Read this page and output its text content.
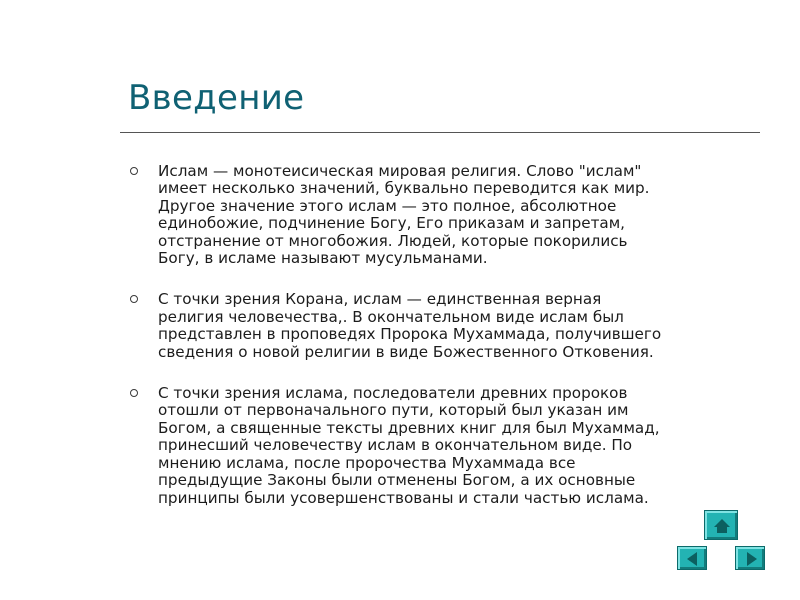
Введение
Ислам — монотеисическая мировая религия. Слово "ислам"
имеет несколько значений, буквально переводится как мир.
Другое значение этого ислам — это полное, абсолютное
единобожие, подчинение Богу, Его приказам и запретам,
отстранение от многобожия. Людей, которые покорились
Богу, в исламе называют мусульманами.
С точки зрения Корана, ислам — единственная верная
религия человечества,. В окончательном виде ислам был
представлен в проповедях Пророка Мухаммада, получившего
сведения о новой религии в виде Божественного Отковения.
С точки зрения ислама, последователи древних пророков
отошли от первоначального пути, который был указан им
Богом, а священные тексты древних книг для был Мухаммад,
принесший человечеству ислам в окончательном виде. По
мнению ислама, после пророчества Мухаммада все
предыдущие Законы были отменены Богом, а их основные
принципы были усовершенствованы и стали частью ислама.
